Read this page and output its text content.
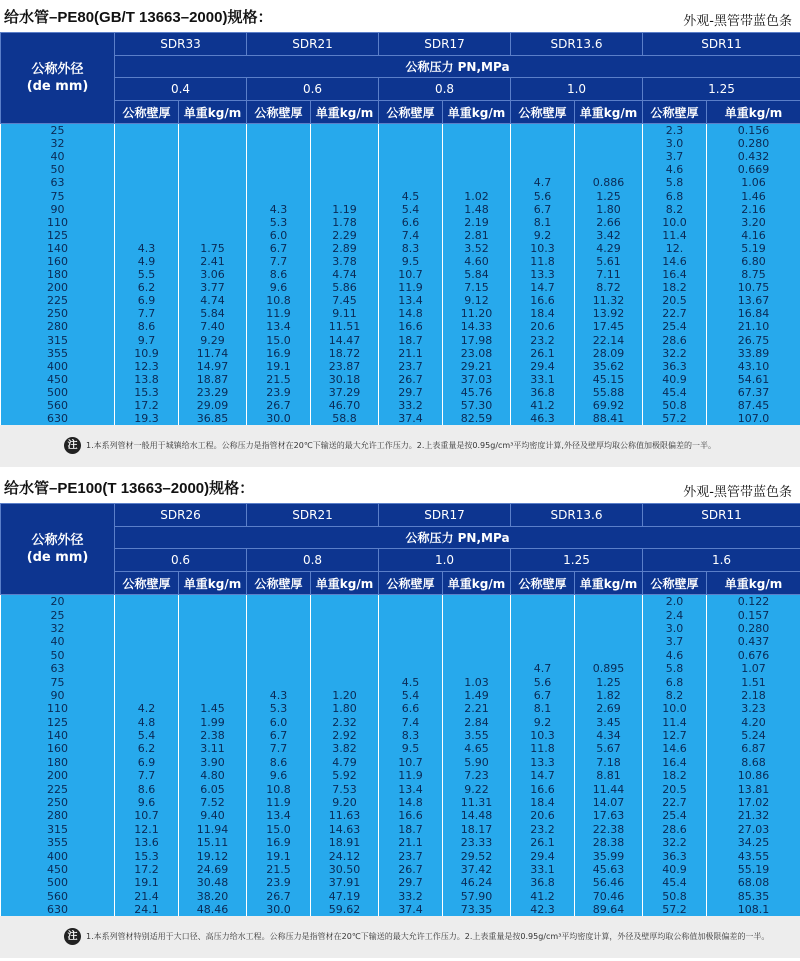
给水管–PE80(GB/T 13663–2000)规格：	外观-黑管带蓝色条
公称外径
(de mm)	SDR33		SDR21		SDR17		SDR13.6		SDR11	
	公称压力 PN,MPa									
	0.4		0.6		0.8		1.0		1.25	
	公称壁厚	单重kg/m	公称壁厚	单重kg/m	公称壁厚	单重kg/m	公称壁厚	单重kg/m	公称壁厚	单重kg/m
25									2.3	0.156
32									3.0	0.280
40									3.7	0.432
50									4.6	0.669
63							4.7	0.886	5.8	1.06
75					4.5	1.02	5.6	1.25	6.8	1.46
90			4.3	1.19	5.4	1.48	6.7	1.80	8.2	2.16
110			5.3	1.78	6.6	2.19	8.1	2.66	10.0	3.20
125			6.0	2.29	7.4	2.81	9.2	3.42	11.4	4.16
140	4.3	1.75	6.7	2.89	8.3	3.52	10.3	4.29	12.	5.19
160	4.9	2.41	7.7	3.78	9.5	4.60	11.8	5.61	14.6	6.80
180	5.5	3.06	8.6	4.74	10.7	5.84	13.3	7.11	16.4	8.75
200	6.2	3.77	9.6	5.86	11.9	7.15	14.7	8.72	18.2	10.75
225	6.9	4.74	10.8	7.45	13.4	9.12	16.6	11.32	20.5	13.67
250	7.7	5.84	11.9	9.11	14.8	11.20	18.4	13.92	22.7	16.84
280	8.6	7.40	13.4	11.51	16.6	14.33	20.6	17.45	25.4	21.10
315	9.7	9.29	15.0	14.47	18.7	17.98	23.2	22.14	28.6	26.75
355	10.9	11.74	16.9	18.72	21.1	23.08	26.1	28.09	32.2	33.89
400	12.3	14.97	19.1	23.87	23.7	29.21	29.4	35.62	36.3	43.10
450	13.8	18.87	21.5	30.18	26.7	37.03	33.1	45.15	40.9	54.61
500	15.3	23.29	23.9	37.29	29.7	45.76	36.8	55.88	45.4	67.37
560	17.2	29.09	26.7	46.70	33.2	57.30	41.2	69.92	50.8	87.45
630	19.3	36.85	30.0	58.8	37.4	82.59	46.3	88.41	57.2	107.0
注	1.本系列管材一般用于城镇给水工程。公称压力是指管材在20℃下输送的最大允许工作压力。2.上表重量是按0.95g/cm³平均密度计算,外径及壁厚均取公称值加极限偏差的一半。
给水管–PE100(T 13663–2000)规格：	外观-黑管带蓝色条
公称外径
(de mm)	SDR26		SDR21		SDR17		SDR13.6		SDR11	
	公称压力 PN,MPa									
	0.6		0.8		1.0		1.25		1.6	
	公称壁厚	单重kg/m	公称壁厚	单重kg/m	公称壁厚	单重kg/m	公称壁厚	单重kg/m	公称壁厚	单重kg/m
20									2.0	0.122
25									2.4	0.157
32									3.0	0.280
40									3.7	0.437
50									4.6	0.676
63							4.7	0.895	5.8	1.07
75					4.5	1.03	5.6	1.25	6.8	1.51
90			4.3	1.20	5.4	1.49	6.7	1.82	8.2	2.18
110	4.2	1.45	5.3	1.80	6.6	2.21	8.1	2.69	10.0	3.23
125	4.8	1.99	6.0	2.32	7.4	2.84	9.2	3.45	11.4	4.20
140	5.4	2.38	6.7	2.92	8.3	3.55	10.3	4.34	12.7	5.24
160	6.2	3.11	7.7	3.82	9.5	4.65	11.8	5.67	14.6	6.87
180	6.9	3.90	8.6	4.79	10.7	5.90	13.3	7.18	16.4	8.68
200	7.7	4.80	9.6	5.92	11.9	7.23	14.7	8.81	18.2	10.86
225	8.6	6.05	10.8	7.53	13.4	9.22	16.6	11.44	20.5	13.81
250	9.6	7.52	11.9	9.20	14.8	11.31	18.4	14.07	22.7	17.02
280	10.7	9.40	13.4	11.63	16.6	14.48	20.6	17.63	25.4	21.32
315	12.1	11.94	15.0	14.63	18.7	18.17	23.2	22.38	28.6	27.03
355	13.6	15.11	16.9	18.91	21.1	23.33	26.1	28.38	32.2	34.25
400	15.3	19.12	19.1	24.12	23.7	29.52	29.4	35.99	36.3	43.55
450	17.2	24.69	21.5	30.50	26.7	37.42	33.1	45.63	40.9	55.19
500	19.1	30.48	23.9	37.91	29.7	46.24	36.8	56.46	45.4	68.08
560	21.4	38.20	26.7	47.19	33.2	57.90	41.2	70.46	50.8	85.35
630	24.1	48.46	30.0	59.62	37.4	73.35	42.3	89.64	57.2	108.1
注	1.本系列管材特别适用于大口径、高压力给水工程。公称压力是指管材在20℃下输送的最大允许工作压力。2.上表重量是按0.95g/cm³平均密度计算，外径及壁厚均取公称值加极限偏差的一半。
